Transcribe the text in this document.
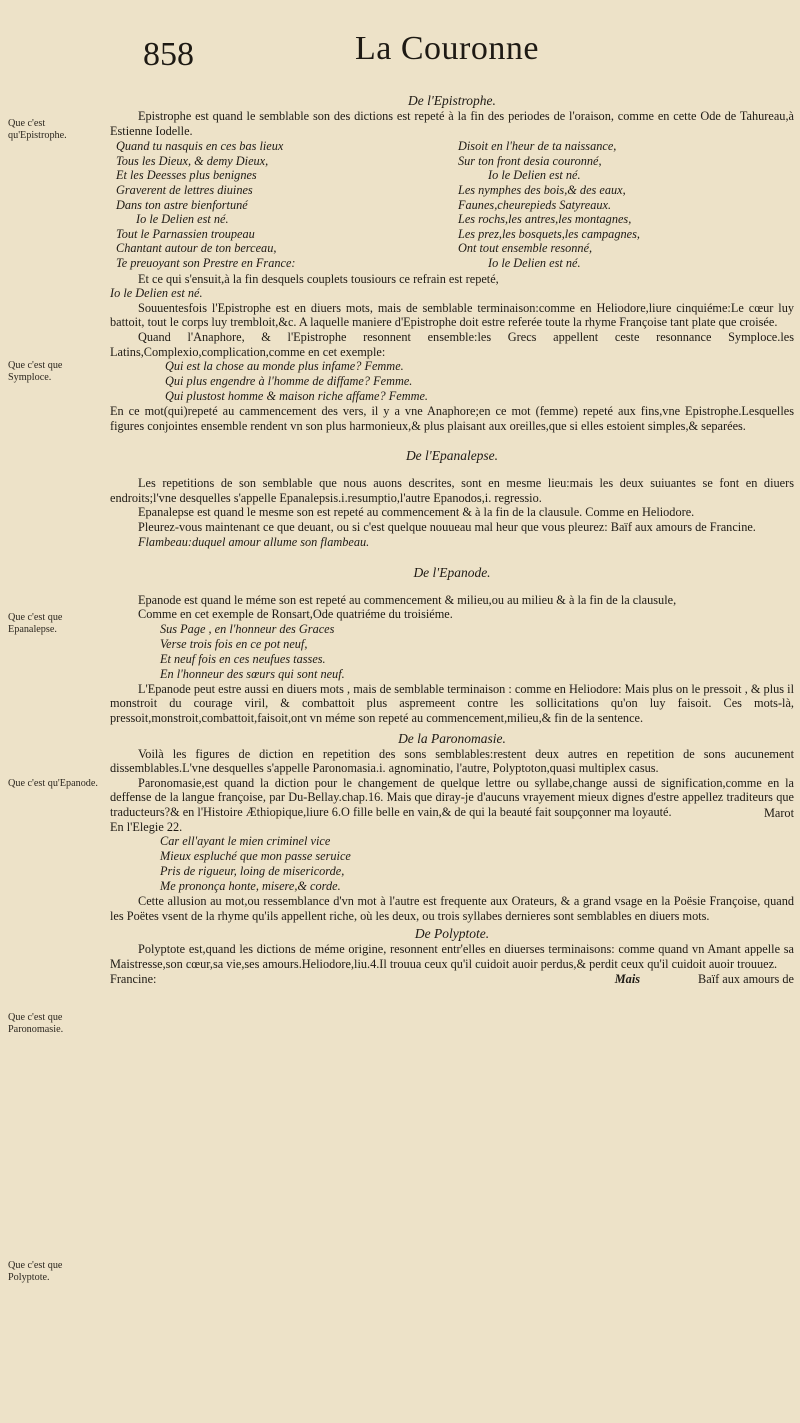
858	La Couronne
Que c'est qu'Epistrophe.
Que c'est que Symploce.
Que c'est que Epanalepse.
Que c'est qu'Epanode.
Que c'est que Paronomasie.
Que c'est que Polyptote.
De l'Epistrophe.

Epistrophe est quand le semblable son des dictions est repeté à la fin des periodes de l'oraison, comme en cette Ode de Tahureau,à Estienne Iodelle.

Quand tu nasquis en ces bas lieux
Tous les Dieux, & demy Dieux,
Et les Deesses plus benignes
Graverent de lettres diuines
Dans ton astre bienfortuné
Io le Delien est né.
Tout le Parnassien troupeau
Chantant autour de ton berceau,
Te preuoyant son Prestre en France:
Disoit en l'heur de ta naissance,
Sur ton front desia couronné,
Io le Delien est né.
Les nymphes des bois,& des eaux,
Faunes,cheurepieds Satyreaux.
Les rochs,les antres,les montagnes,
Les prez,les bosquets,les campagnes,
Ont tout ensemble resonné,
Io le Delien est né.

Et ce qui s'ensuit,à la fin desquels couplets tousiours ce refrain est repeté,

Io le Delien est né.

Souuentesfois l'Epistrophe est en diuers mots, mais de semblable terminaison:comme en Heliodore,liure cinquiéme:Le cœur luy battoit, tout le corps luy trembloit,&c. A laquelle maniere d'Epistrophe doit estre referée toute la rhyme Françoise tant plate que croisée.

Quand l'Anaphore, & l'Epistrophe resonnent ensemble:les Grecs appellent ceste resonnance Symploce.les Latins,Complexio,complication,comme en cet exemple:

Qui est la chose au monde plus infame? Femme.
Qui plus engendre à l'homme de diffame? Femme.
Qui plustost homme & maison riche affame? Femme.

En ce mot(qui)repeté au cammencement des vers, il y a vne Anaphore;en ce mot (femme) repeté aux fins,vne Epistrophe.Lesquelles figures conjointes ensemble rendent vn son plus harmonieux,& plus plaisant aux oreilles,que si elles estoient simples,& separées.

De l'Epanalepse.

Les repetitions de son semblable que nous auons descrites, sont en mesme lieu:mais les deux suiuantes se font en diuers endroits;l'vne desquelles s'appelle Epanalepsis.i.resumptio,l'autre Epanodos,i. regressio.

Epanalepse est quand le mesme son est repeté au commencement & à la fin de la clausule. Comme en Heliodore.

Pleurez-vous maintenant ce que deuant, ou si c'est quelque nouueau mal heur que vous pleurez: Baïf aux amours de Francine.

Flambeau:duquel amour allume son flambeau.
De l'Epanode.

Epanode est quand le méme son est repeté au commencement & milieu,ou au milieu & à la fin de la clausule,

Comme en cet exemple de Ronsart,Ode quatriéme du troisiéme.

Sus Page , en l'honneur des Graces
Verse trois fois en ce pot neuf,
Et neuf fois en ces neufues tasses.
En l'honneur des sœurs qui sont neuf.

L'Epanode peut estre aussi en diuers mots , mais de semblable terminaison : comme en Heliodore: Mais plus on le pressoit , & plus il monstroit du courage viril, & combattoit plus aspremeent contre les sollicitations qu'on luy faisoit. Ces mots-là, pressoit,monstroit,combattoit,faisoit,ont vn méme son repeté au commencement,milieu,& fin de la sentence.

De la Paronomasie.

Voilà les figures de diction en repetition des sons semblables:restent deux autres en repetition de sons aucunement dissemblables.L'vne desquelles s'appelle Paronomasia.i. agnominatio, l'autre, Polyptoton,quasi multiplex casus.

Paronomasie,est quand la diction pour le changement de quelque lettre ou syllabe,change aussi de signification,comme en la deffense de la langue françoise, par Du-Bellay.chap.16. Mais que diray-je d'aucuns vrayement mieux dignes d'estre appellez traditeurs que traducteurs?& en l'Histoire Æthiopique,liure 6.O fille belle en vain,& de qui la beauté fait soupçonner ma loyauté.

En l'Elegie 22.
Marot

Car ell'ayant le mien criminel vice
Mieux espluché que mon passe seruice
Pris de rigueur, loing de misericorde,
Me prononça honte, misere,& corde.

Cette allusion au mot,ou ressemblance d'vn mot à l'autre est frequente aux Orateurs, & a grand vsage en la Poësie Françoise, quand les Poëtes vsent de la rhyme qu'ils appellent riche, où les deux, ou trois syllabes dernieres sont semblables en diuers mots.

De Polyptote.

Polyptote est,quand les dictions de méme origine, resonnent entr'elles en diuerses terminaisons: comme quand vn Amant appelle sa Maistresse,son cœur,sa vie,ses amours.Heliodore,liu.4.Il trouua ceux qu'il cuidoit auoir perdus,& perdit ceux qu'il cuidoit auoir trouuez.
Baïf aux amours de

Francine:	Mais
